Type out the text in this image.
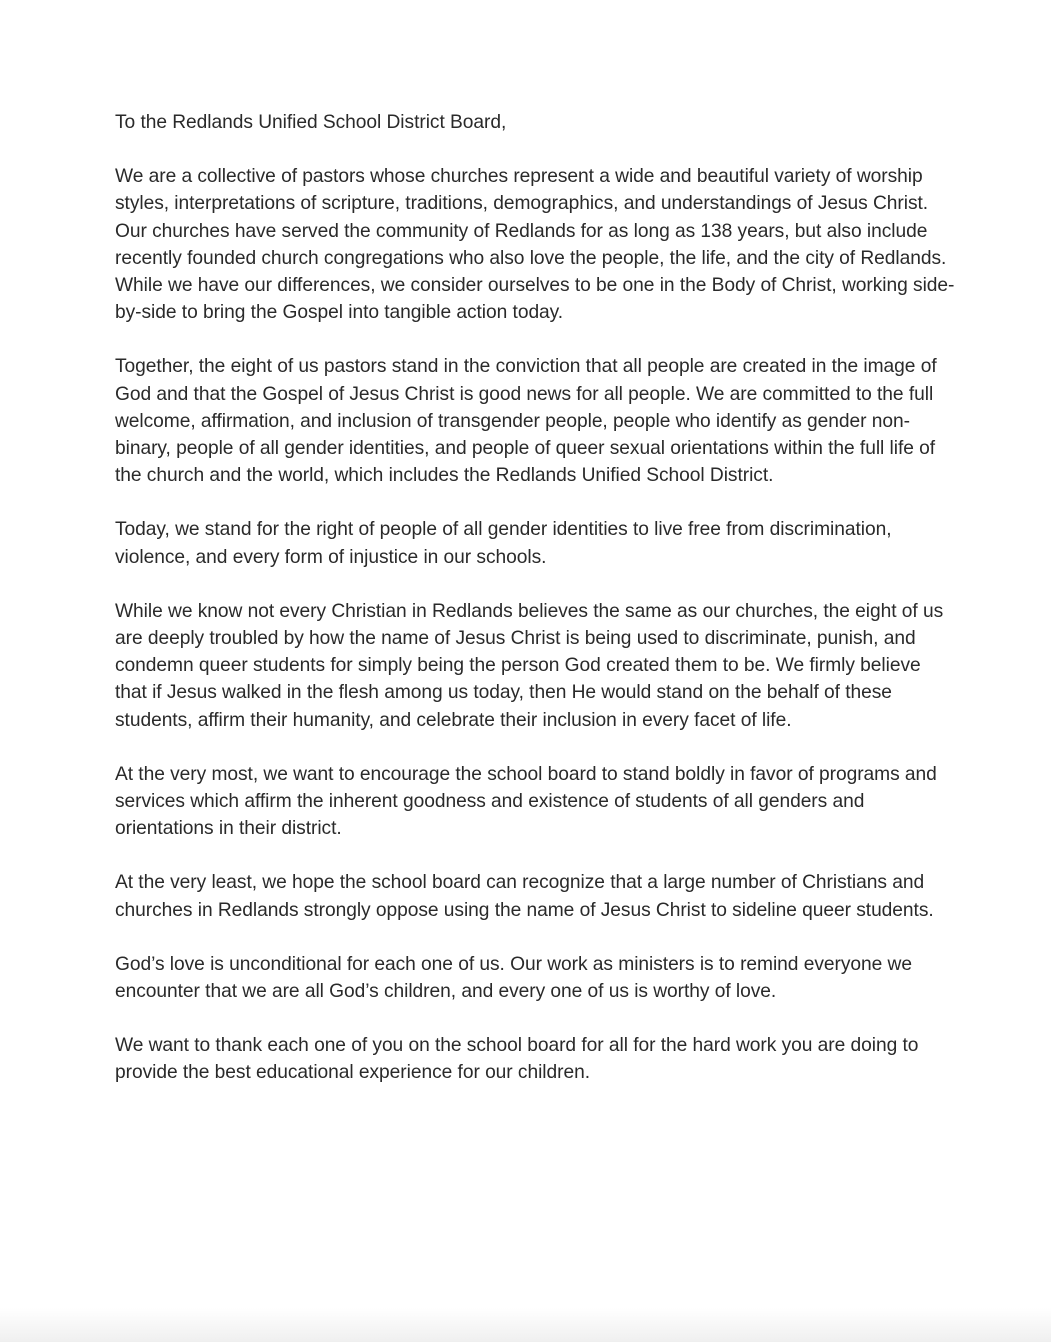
To the Redlands Unified School District Board,

We are a collective of pastors whose churches represent a wide and beautiful variety of worship styles, interpretations of scripture, traditions, demographics, and understandings of Jesus Christ. Our churches have served the community of Redlands for as long as 138 years, but also include recently founded church congregations who also love the people, the life, and the city of Redlands. While we have our differences, we consider ourselves to be one in the Body of Christ, working side-by-side to bring the Gospel into tangible action today.

Together, the eight of us pastors stand in the conviction that all people are created in the image of God and that the Gospel of Jesus Christ is good news for all people. We are committed to the full welcome, affirmation, and inclusion of transgender people, people who identify as gender non-binary, people of all gender identities, and people of queer sexual orientations within the full life of the church and the world, which includes the Redlands Unified School District.

Today, we stand for the right of people of all gender identities to live free from discrimination, violence, and every form of injustice in our schools.

While we know not every Christian in Redlands believes the same as our churches, the eight of us are deeply troubled by how the name of Jesus Christ is being used to discriminate, punish, and condemn queer students for simply being the person God created them to be. We firmly believe that if Jesus walked in the flesh among us today, then He would stand on the behalf of these students, affirm their humanity, and celebrate their inclusion in every facet of life.

At the very most, we want to encourage the school board to stand boldly in favor of programs and services which affirm the inherent goodness and existence of students of all genders and orientations in their district.

At the very least, we hope the school board can recognize that a large number of Christians and churches in Redlands strongly oppose using the name of Jesus Christ to sideline queer students.

God’s love is unconditional for each one of us. Our work as ministers is to remind everyone we encounter that we are all God’s children, and every one of us is worthy of love.

We want to thank each one of you on the school board for all for the hard work you are doing to provide the best educational experience for our children.
